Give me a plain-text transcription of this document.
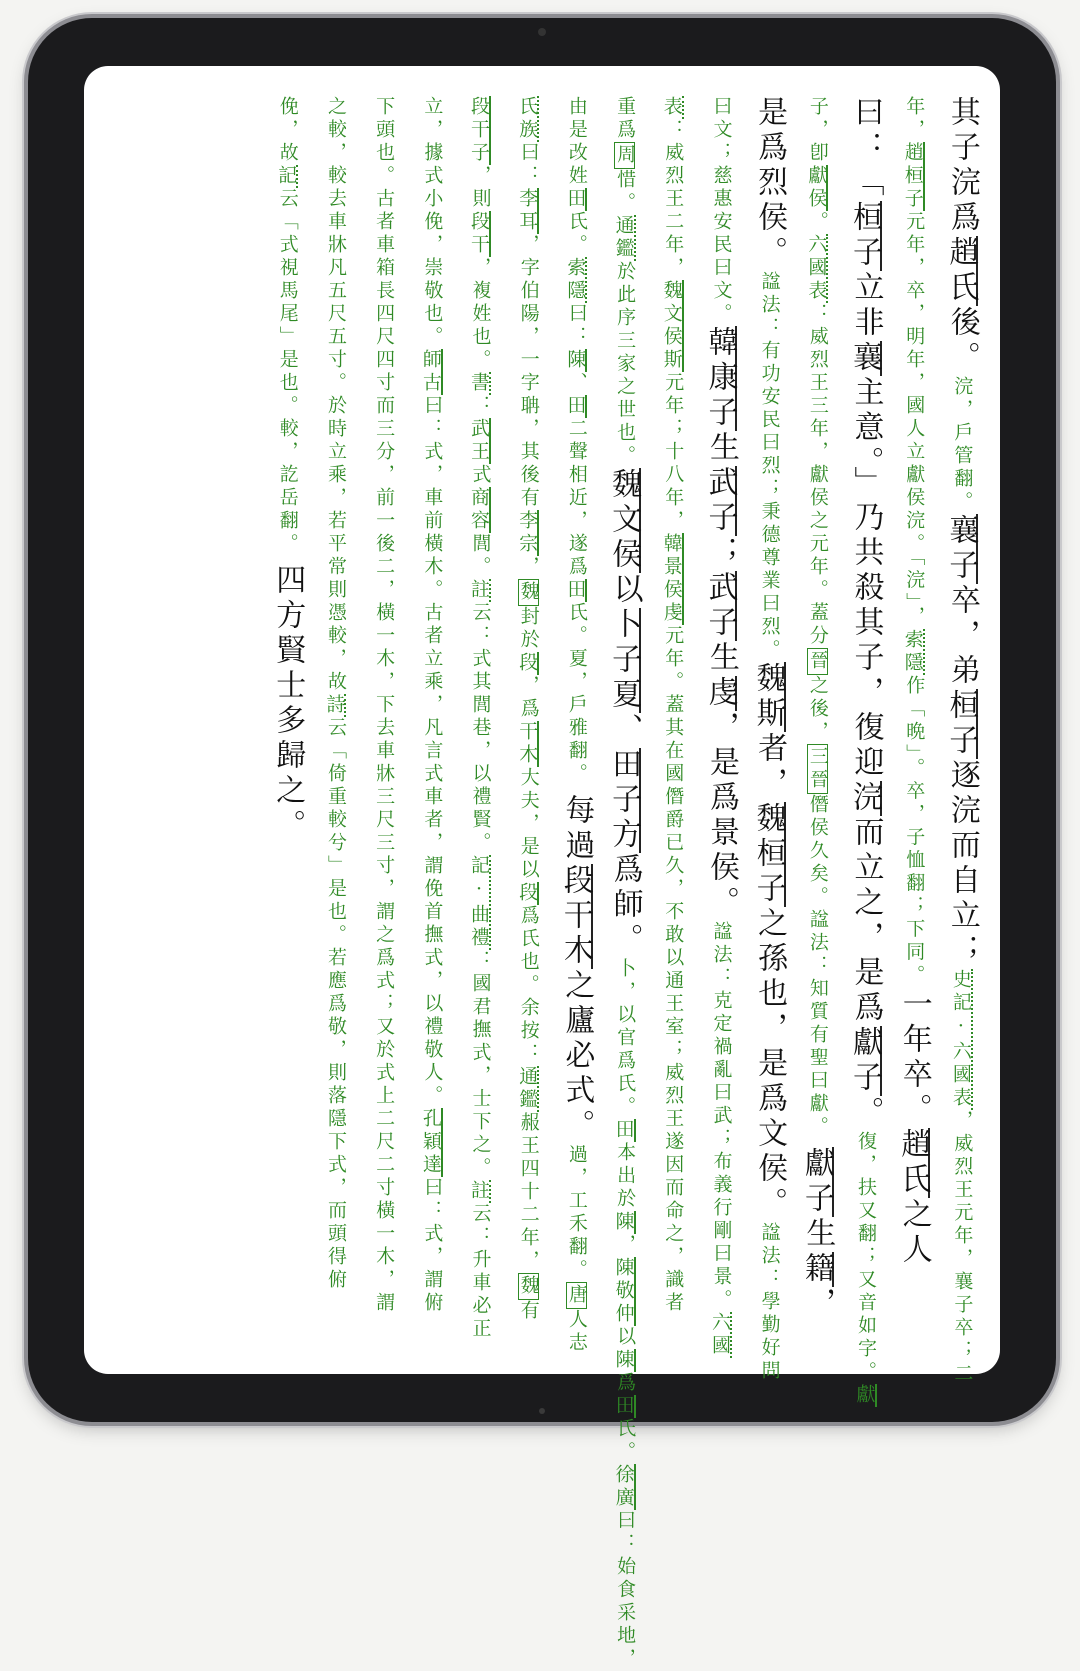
其子浣爲
趙氏
後。
浣，戶管翻。
襄子
卒，弟
桓子
逐浣而自立；
史記·六國表
，威烈王元年，襄子卒；二
年，
趙桓子
元年，卒，明年，國人立獻侯浣。「浣」，
索隱
作「晩」。卒，子恤翻；下同。
一年卒。
趙氏
之人
曰：
「
桓子
立非
襄
主意。」乃共殺其子，復迎
浣
而立之，是爲
獻子
。
復，扶又翻；又音如字。
獻
子，卽
獻侯
。
六國表
：威烈王三年，獻侯之元年。蓋分
晉
之後，
三晉
僭侯久矣。諡法：知質有聖曰獻。
獻子
生
籍
，
是爲烈侯。
諡法：有功安民曰烈；秉德尊業曰烈。
魏斯
者，
魏桓子
之孫也，是爲文侯。
諡法：學勤好問
曰文；慈惠安民曰文。
韓康子
生
武子
；
武子
生
虔
，是爲景侯。
諡法：克定禍亂曰武；布義行剛曰景。
六國
表
：威烈王二年，
魏文侯斯
元年；十八年，
韓景侯虔
元年。蓋其在國僭爵已久，不敢以通王室；威烈王遂因而命之，識者
重爲
周
惜。
通鑑
於此序三家之世也。
魏文侯
以
卜子夏
、
田子方
爲師。
卜，以官爲氏。
田
本出於
陳
，
陳敬仲
以
陳
爲
田
氏。
徐廣
曰：始食采地，
由是改姓
田
氏。
索隱
曰：
陳
、
田
二聲相近，遂爲
田
氏。夏，戶雅翻。
每過
段干木
之廬必式。
過，工禾翻。
唐
人志
氏族
曰：
李耳
，字伯陽，一字聃，其後有
李宗
，
魏
封於
段
，爲
干木
大夫，是以
段
爲氏也。余按：
通鑑
赧王四十二年，
魏
有
段干子
，則
段干
，複姓也。
書
：
武王
式
商容
閭。
註
云：式其閭巷，以禮賢。
記·曲禮
：國君撫式，士下之。
註
云：升車必正
立，據式小俛，崇敬也。
師古
曰：式，車前橫木。古者立乘，凡言式車者，謂俛首撫式，以禮敬人。
孔穎達
曰：式，謂俯
下頭也。古者車箱長四尺四寸而三分，前一後二，橫一木，下去車牀三尺三寸，謂之爲式；又於式上二尺二寸橫一木，謂
之較，較去車牀凡五尺五寸。於時立乘，若平常則憑較，故
詩
云「倚重較兮」是也。若應爲敬，則落隱下式，而頭得俯
俛，故
記
云「式視馬尾」是也。較，訖岳翻。
四方賢士多歸之。
